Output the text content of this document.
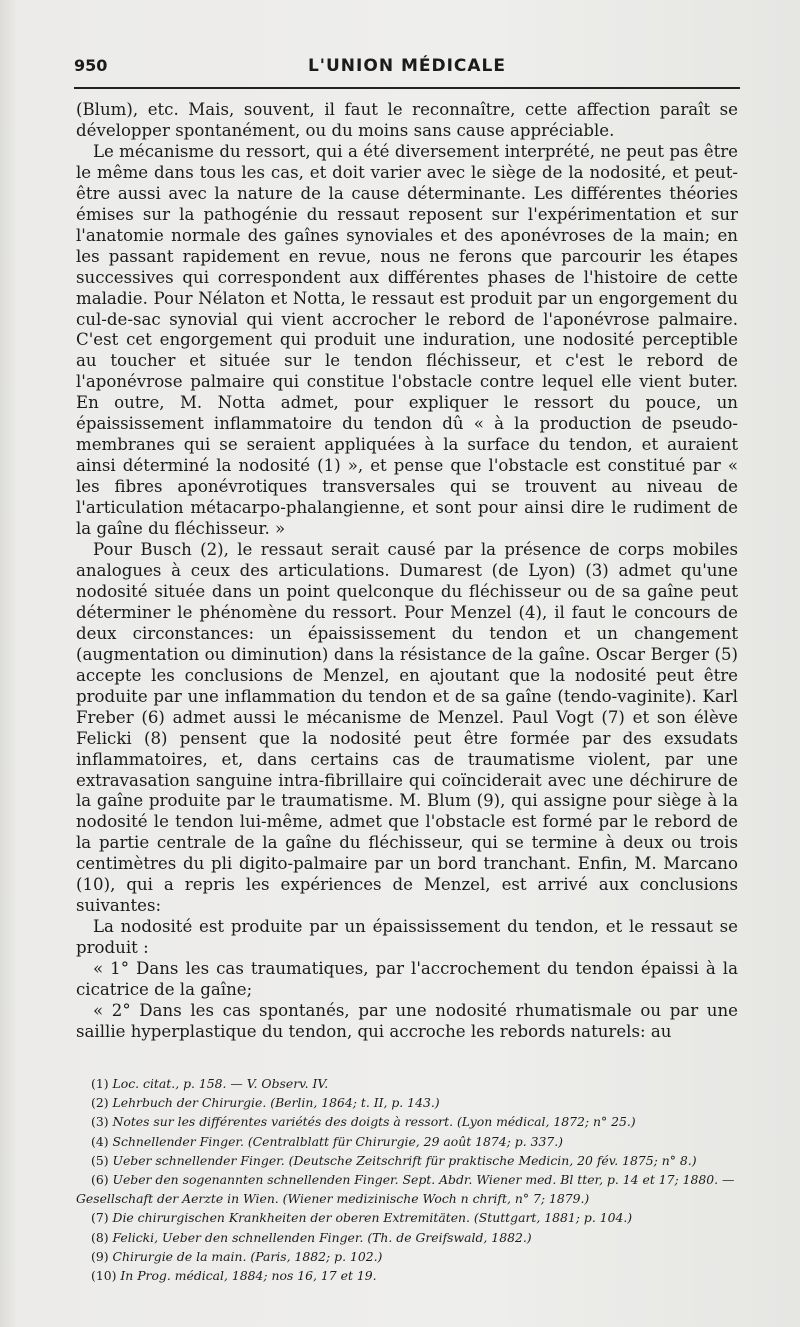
950	L'UNION MÉDICALE

(Blum), etc. Mais, souvent, il faut le reconnaître, cette affection paraît se développer spontanément, ou du moins sans cause appréciable.

Le mécanisme du ressort, qui a été diversement interprété, ne peut pas être le même dans tous les cas, et doit varier avec le siège de la nodosité, et peut-être aussi avec la nature de la cause déterminante. Les différentes théories émises sur la pathogénie du ressaut reposent sur l'expérimentation et sur l'anatomie normale des gaînes synoviales et des aponévroses de la main; en les passant rapidement en revue, nous ne ferons que parcourir les étapes successives qui correspondent aux différentes phases de l'histoire de cette maladie. Pour Nélaton et Notta, le ressaut est produit par un engorgement du cul-de-sac synovial qui vient accrocher le rebord de l'aponévrose palmaire. C'est cet engorgement qui produit une induration, une nodosité perceptible au toucher et située sur le tendon fléchisseur, et c'est le rebord de l'aponévrose palmaire qui constitue l'obstacle contre lequel elle vient buter. En outre, M. Notta admet, pour expliquer le ressort du pouce, un épaississement inflammatoire du tendon dû « à la production de pseudo-membranes qui se seraient appliquées à la surface du tendon, et auraient ainsi déterminé la nodosité (1) », et pense que l'obstacle est constitué par « les fibres aponévrotiques transversales qui se trouvent au niveau de l'articulation métacarpo-phalangienne, et sont pour ainsi dire le rudiment de la gaîne du fléchisseur. »

Pour Busch (2), le ressaut serait causé par la présence de corps mobiles analogues à ceux des articulations. Dumarest (de Lyon) (3) admet qu'une nodosité située dans un point quelconque du fléchisseur ou de sa gaîne peut déterminer le phénomène du ressort. Pour Menzel (4), il faut le concours de deux circonstances: un épaississement du tendon et un changement (augmentation ou diminution) dans la résistance de la gaîne. Oscar Berger (5) accepte les conclusions de Menzel, en ajoutant que la nodosité peut être produite par une inflammation du tendon et de sa gaîne (tendo-vaginite). Karl Freber (6) admet aussi le mécanisme de Menzel. Paul Vogt (7) et son élève Felicki (8) pensent que la nodosité peut être formée par des exsudats inflammatoires, et, dans certains cas de traumatisme violent, par une extravasation sanguine intra-fibrillaire qui coïnciderait avec une déchirure de la gaîne produite par le traumatisme. M. Blum (9), qui assigne pour siège à la nodosité le tendon lui-même, admet que l'obstacle est formé par le rebord de la partie centrale de la gaîne du fléchisseur, qui se termine à deux ou trois centimètres du pli digito-palmaire par un bord tranchant. Enfin, M. Marcano (10), qui a repris les expériences de Menzel, est arrivé aux conclusions suivantes:

La nodosité est produite par un épaississement du tendon, et le ressaut se produit :

« 1° Dans les cas traumatiques, par l'accrochement du tendon épaissi à la cicatrice de la gaîne;

« 2° Dans les cas spontanés, par une nodosité rhumatismale ou par une saillie hyperplastique du tendon, qui accroche les rebords naturels: au

(1) Loc. citat., p. 158. — V. Observ. IV.

(2) Lehrbuch der Chirurgie. (Berlin, 1864; t. II, p. 143.)

(3) Notes sur les différentes variétés des doigts à ressort. (Lyon médical, 1872; n° 25.)

(4) Schnellender Finger. (Centralblatt für Chirurgie, 29 août 1874; p. 337.)

(5) Ueber schnellender Finger. (Deutsche Zeitschrift für praktische Medicin, 20 fév. 1875; n° 8.)

(6) Ueber den sogenannten schnellenden Finger. Sept. Abdr. Wiener med. Bl tter, p. 14 et 17; 1880. — Gesellschaft der Aerzte in Wien. (Wiener medizinische Woch n chrift, n° 7; 1879.)

(7) Die chirurgischen Krankheiten der oberen Extremitäten. (Stuttgart, 1881; p. 104.)

(8) Felicki, Ueber den schnellenden Finger. (Th. de Greifswald, 1882.)

(9) Chirurgie de la main. (Paris, 1882; p. 102.)

(10) In Prog. médical, 1884; nos 16, 17 et 19.
